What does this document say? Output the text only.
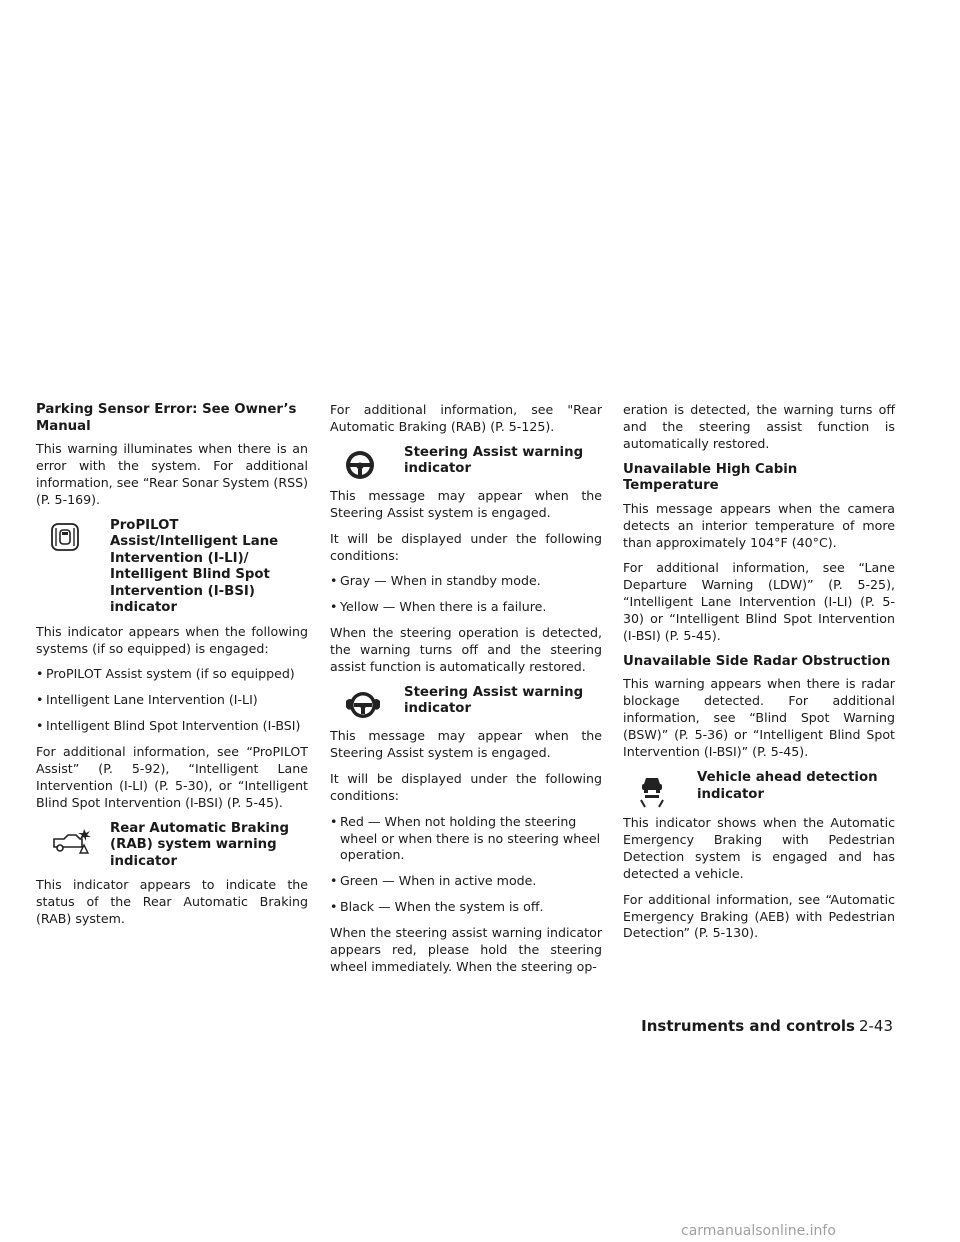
Parking Sensor Error: See Owner’s Manual

This warning illuminates when there is an error with the system. For additional information, see “Rear Sonar System (RSS) (P. 5-169).

ProPILOT Assist/Intelligent Lane Intervention (I-LI)/ Intelligent Blind Spot Intervention (I-BSI) indicator

This indicator appears when the following systems (if so equipped) is engaged:

• ProPILOT Assist system (if so equipped)
• Intelligent Lane Intervention (I-LI)
• Intelligent Blind Spot Intervention (I-BSI)

For additional information, see “ProPILOT Assist” (P. 5-92), “Intelligent Lane Intervention (I-LI) (P. 5-30), or “Intelligent Blind Spot Intervention (I-BSI) (P. 5-45).

Rear Automatic Braking (RAB) system warning indicator

This indicator appears to indicate the status of the Rear Automatic Braking (RAB) system.

For additional information, see "Rear Automatic Braking (RAB) (P. 5-125).

Steering Assist warning indicator

This message may appear when the Steering Assist system is engaged.

It will be displayed under the following conditions:

• Gray — When in standby mode.
• Yellow — When there is a failure.

When the steering operation is detected, the warning turns off and the steering assist function is automatically restored.

Steering Assist warning indicator

This message may appear when the Steering Assist system is engaged.

It will be displayed under the following conditions:

• Red — When not holding the steering wheel or when there is no steering wheel operation.
• Green — When in active mode.
• Black — When the system is off.

When the steering assist warning indicator appears red, please hold the steering wheel immediately. When the steering op-

eration is detected, the warning turns off and the steering assist function is automatically restored.

Unavailable High Cabin Temperature

This message appears when the camera detects an interior temperature of more than approximately 104°F (40°C).

For additional information, see “Lane Departure Warning (LDW)” (P. 5-25), “Intelligent Lane Intervention (I-LI) (P. 5-30) or “Intelligent Blind Spot Intervention (I-BSI) (P. 5-45).

Unavailable Side Radar Obstruction

This warning appears when there is radar blockage detected. For additional information, see “Blind Spot Warning (BSW)” (P. 5-36) or “Intelligent Blind Spot Intervention (I-BSI)” (P. 5-45).

Vehicle ahead detection indicator

This indicator shows when the Automatic Emergency Braking with Pedestrian Detection system is engaged and has detected a vehicle.

For additional information, see “Automatic Emergency Braking (AEB) with Pedestrian Detection” (P. 5-130).

Instruments and controls 2-43
carmanualsonline.info
